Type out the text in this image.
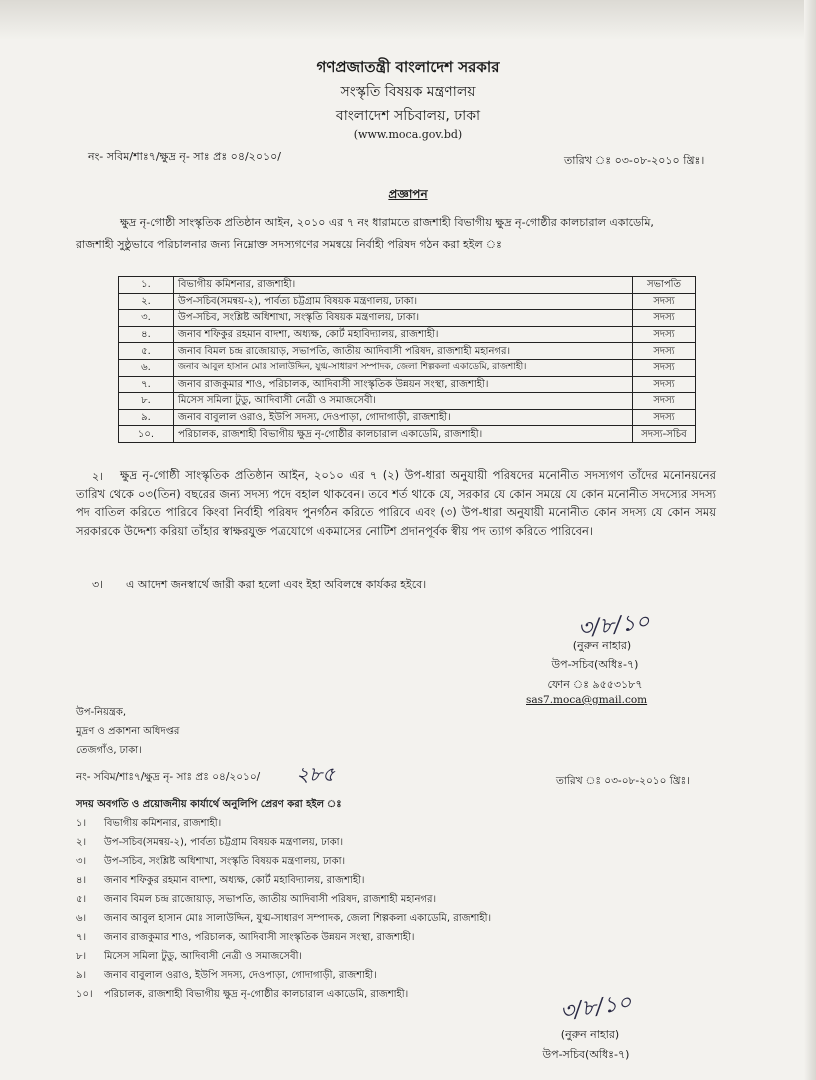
গণপ্রজাতন্ত্রী বাংলাদেশ সরকার
সংস্কৃতি বিষয়ক মন্ত্রণালয়
বাংলাদেশ সচিবালয়, ঢাকা
(www.moca.gov.bd)
নং- সবিম/শাঃ৭/ক্ষুদ্র নৃ- সাঃ প্রঃ ০৪/২০১০/	তারিখ ঃ ০৩-০৮-২০১০ খ্রিঃ।
প্রজ্ঞাপন
ক্ষুদ্র নৃ-গোষ্ঠী সাংস্কৃতিক প্রতিষ্ঠান আইন, ২০১০ এর ৭ নং ধারামতে রাজশাহী বিভাগীয় ক্ষুদ্র নৃ-গোষ্ঠীর কালচারাল একাডেমি,
রাজশাহী সুষ্ঠুভাবে পরিচালনার জন্য নিম্নোক্ত সদস্যগণের সমন্বয়ে নির্বাহী পরিষদ গঠন করা হইল ঃ
১.	বিভাগীয় কমিশনার, রাজশাহী।	সভাপতি
২.	উপ-সচিব(সমন্বয়-২), পার্বত্য চট্টগ্রাম বিষয়ক মন্ত্রণালয়, ঢাকা।	সদস্য
৩.	উপ-সচিব, সংশ্লিষ্ট অধিশাখা, সংস্কৃতি বিষয়ক মন্ত্রণালয়, ঢাকা।	সদস্য
৪.	জনাব শফিকুর রহমান বাদশা, অধ্যক্ষ, কোর্ট মহাবিদ্যালয়, রাজশাহী।	সদস্য
৫.	জনাব বিমল চন্দ্র রাজোয়াড়, সভাপতি, জাতীয় আদিবাসী পরিষদ, রাজশাহী মহানগর।	সদস্য
৬.	জনাব আবুল হাসান মোঃ সালাউদ্দিন, যুগ্ম-সাধারণ সম্পাদক, জেলা শিল্পকলা একাডেমি, রাজশাহী।	সদস্য
৭.	জনাব রাজকুমার শাও, পরিচালক, আদিবাসী সাংস্কৃতিক উন্নয়ন সংস্থা, রাজশাহী।	সদস্য
৮.	মিসেস সমিলা টুডু, আদিবাসী নেত্রী ও সমাজসেবী।	সদস্য
৯.	জনাব বাবুলাল ওরাও, ইউপি সদস্য, দেওপাড়া, গোদাগাড়ী, রাজশাহী।	সদস্য
১০.	পরিচালক, রাজশাহী বিভাগীয় ক্ষুদ্র নৃ-গোষ্ঠীর কালচারাল একাডেমি, রাজশাহী।	সদস্য-সচিব
২।	ক্ষুদ্র নৃ-গোষ্ঠী সাংস্কৃতিক প্রতিষ্ঠান আইন, ২০১০ এর ৭ (২) উপ-ধারা অনুযায়ী পরিষদের মনোনীত সদস্যগণ তাঁদের মনোনয়নের তারিখ থেকে ০৩(তিন) বছরের জন্য সদস্য পদে বহাল থাকবেন। তবে শর্ত থাকে যে, সরকার যে কোন সময়ে যে কোন মনোনীত সদস্যের সদস্য পদ বাতিল করিতে পারিবে কিংবা নির্বাহী পরিষদ পুনর্গঠন করিতে পারিবে এবং (৩) উপ-ধারা অনুযায়ী মনোনীত কোন সদস্য যে কোন সময় সরকারকে উদ্দেশ্য করিয়া তাঁহার স্বাক্ষরযুক্ত পত্রযোগে একমাসের নোটিশ প্রদানপূর্বক স্বীয় পদ ত্যাগ করিতে পারিবেন।
৩। এ আদেশ জনস্বার্থে জারী করা হলো এবং ইহা অবিলম্বে কার্যকর হইবে।
৩/৮/১০
(নুরুন নাহার)
উপ-সচিব(অধিঃ-৭)
ফোন ঃ ৯৫৫৩১৮৭
sas7.moca@gmail.com
উপ-নিয়ন্ত্রক,
মুদ্রণ ও প্রকাশনা অধিদপ্তর
তেজগাঁও, ঢাকা।
নং- সবিম/শাঃ৭/ক্ষুদ্র নৃ- সাঃ প্রঃ ০৪/২০১০/ ২৮৫	তারিখ ঃ ০৩-০৮-২০১০ খ্রিঃ।
সদয় অবগতি ও প্রয়োজনীয় কার্যার্থে অনুলিপি প্রেরণ করা হইল ঃ
১।	বিভাগীয় কমিশনার, রাজশাহী।
২।	উপ-সচিব(সমন্বয়-২), পার্বত্য চট্টগ্রাম বিষয়ক মন্ত্রণালয়, ঢাকা।
৩।	উপ-সচিব, সংশ্লিষ্ট অধিশাখা, সংস্কৃতি বিষয়ক মন্ত্রণালয়, ঢাকা।
৪।	জনাব শফিকুর রহমান বাদশা, অধ্যক্ষ, কোর্ট মহাবিদ্যালয়, রাজশাহী।
৫।	জনাব বিমল চন্দ্র রাজোয়াড়, সভাপতি, জাতীয় আদিবাসী পরিষদ, রাজশাহী মহানগর।
৬।	জনাব আবুল হাসান মোঃ সালাউদ্দিন, যুগ্ম-সাধারণ সম্পাদক, জেলা শিল্পকলা একাডেমি, রাজশাহী।
৭।	জনাব রাজকুমার শাও, পরিচালক, আদিবাসী সাংস্কৃতিক উন্নয়ন সংস্থা, রাজশাহী।
৮।	মিসেস সমিলা টুডু, আদিবাসী নেত্রী ও সমাজসেবী।
৯।	জনাব বাবুলাল ওরাও, ইউপি সদস্য, দেওপাড়া, গোদাগাড়ী, রাজশাহী।
১০।	পরিচালক, রাজশাহী বিভাগীয় ক্ষুদ্র নৃ-গোষ্ঠীর কালচারাল একাডেমি, রাজশাহী।	৩/৮/১০
(নুরুন নাহার)
উপ-সচিব(অধিঃ-৭)
